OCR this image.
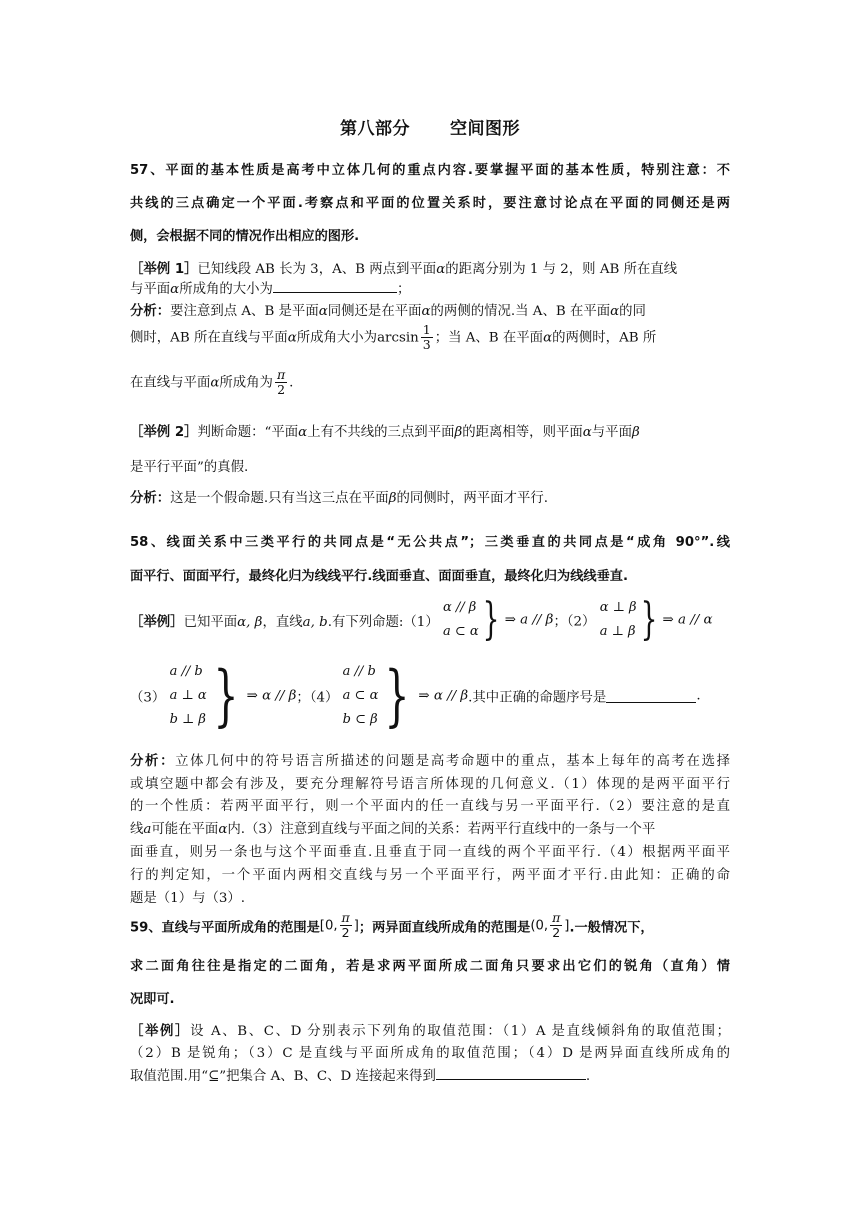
第八部分 空间图形
57、平面的基本性质是高考中立体几何的重点内容.要掌握平面的基本性质，特别注意：不
共线的三点确定一个平面.考察点和平面的位置关系时，要注意讨论点在平面的同侧还是两
侧，会根据不同的情况作出相应的图形.
［举例 1］已知线段 AB 长为 3，A、B 两点到平面α的距离分别为 1 与 2，则 AB 所在直线
与平面α所成角的大小为	；
分析：要注意到点 A、B 是平面α同侧还是在平面α的两侧的情况.当 A、B 在平面α的同
侧时，AB 所在直线与平面α所成角大小为$\arcsin \frac{1}{3}$ ；当 A、B 在平面α的两侧时，AB 所
在直线与平面α所成角为 $\frac{\pi}{2}$ .
［举例 2］判断命题：“平面α上有不共线的三点到平面β的距离相等，则平面α与平面β
是平行平面”的真假.
分析：这是一个假命题.只有当这三点在平面β的同侧时，两平面才平行.
58、线面关系中三类平行的共同点是“无公共点”；三类垂直的共同点是“成角 90°”.线
面平行、面面平行，最终化归为线线平行.线面垂直、面面垂直，最终化归为线线垂直.
［举例］已知平面α, β，直线a, b.有下列命题:（1）
α // β
a ⊂ α } ⇒ a // β；（2）
α ⊥ β
a ⊥ β } ⇒ a // α
（3）
a // b
a ⊥ α
b ⊥ β } ⇒ α // β；（4）
a // b
a ⊂ α
b ⊂ β } ⇒ α // β.其中正确的命题序号是	.
分析：立体几何中的符号语言所描述的问题是高考命题中的重点，基本上每年的高考在选择
或填空题中都会有涉及，要充分理解符号语言所体现的几何意义.（1）体现的是两平面平行
的一个性质：若两平面平行，则一个平面内的任一直线与另一平面平行.（2）要注意的是直
线a可能在平面α内.（3）注意到直线与平面之间的关系：若两平行直线中的一条与一个平
面垂直，则另一条也与这个平面垂直.且垂直于同一直线的两个平面平行.（4）根据两平面平
行的判定知，一个平面内两相交直线与另一个平面平行，两平面才平行.由此知：正确的命
题是（1）与（3）.
59、直线与平面所成角的范围是[0, $\frac{\pi}{2}$ ]；两异面直线所成角的范围是(0, $\frac{\pi}{2}$ ].一般情况下，
求二面角往往是指定的二面角，若是求两平面所成二面角只要求出它们的锐角（直角）情
况即可.
［举例］设 A、B、C、D 分别表示下列角的取值范围：（1）A 是直线倾斜角的取值范围；
（2）B 是锐角；（3）C 是直线与平面所成角的取值范围；（4）D 是两异面直线所成角的
取值范围.用“⊆”把集合 A、B、C、D 连接起来得到	.
